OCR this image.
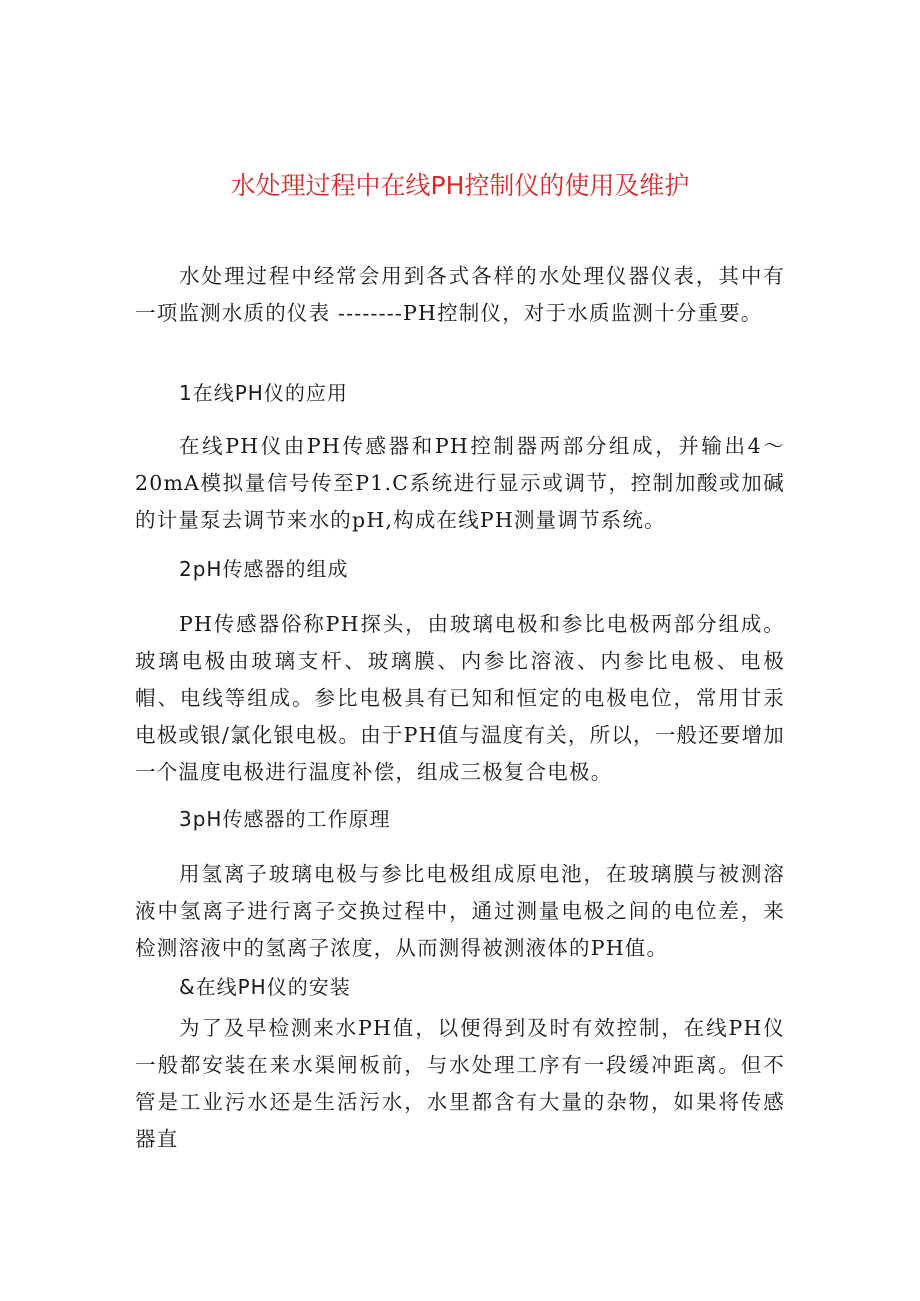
水处理过程中在线PH控制仪的使用及维护

水处理过程中经常会用到各式各样的水处理仪器仪表，其中有一项监测水质的仪表 --------PH控制仪，对于水质监测十分重要。

1在线PH仪的应用

在线PH仪由PH传感器和PH控制器两部分组成，并输出4～20mA模拟量信号传至P1.C系统进行显示或调节，控制加酸或加碱的计量泵去调节来水的pH,构成在线PH测量调节系统。

2pH传感器的组成

PH传感器俗称PH探头，由玻璃电极和参比电极两部分组成。玻璃电极由玻璃支杆、玻璃膜、内参比溶液、内参比电极、电极帽、电线等组成。参比电极具有已知和恒定的电极电位，常用甘汞电极或银/氯化银电极。由于PH值与温度有关，所以，一般还要增加一个温度电极进行温度补偿，组成三极复合电极。

3pH传感器的工作原理

用氢离子玻璃电极与参比电极组成原电池，在玻璃膜与被测溶液中氢离子进行离子交换过程中，通过测量电极之间的电位差，来检测溶液中的氢离子浓度，从而测得被测液体的PH值。

&在线PH仪的安装

为了及早检测来水PH值，以便得到及时有效控制，在线PH仪一般都安装在来水渠闸板前，与水处理工序有一段缓冲距离。但不管是工业污水还是生活污水，水里都含有大量的杂物，如果将传感器直
